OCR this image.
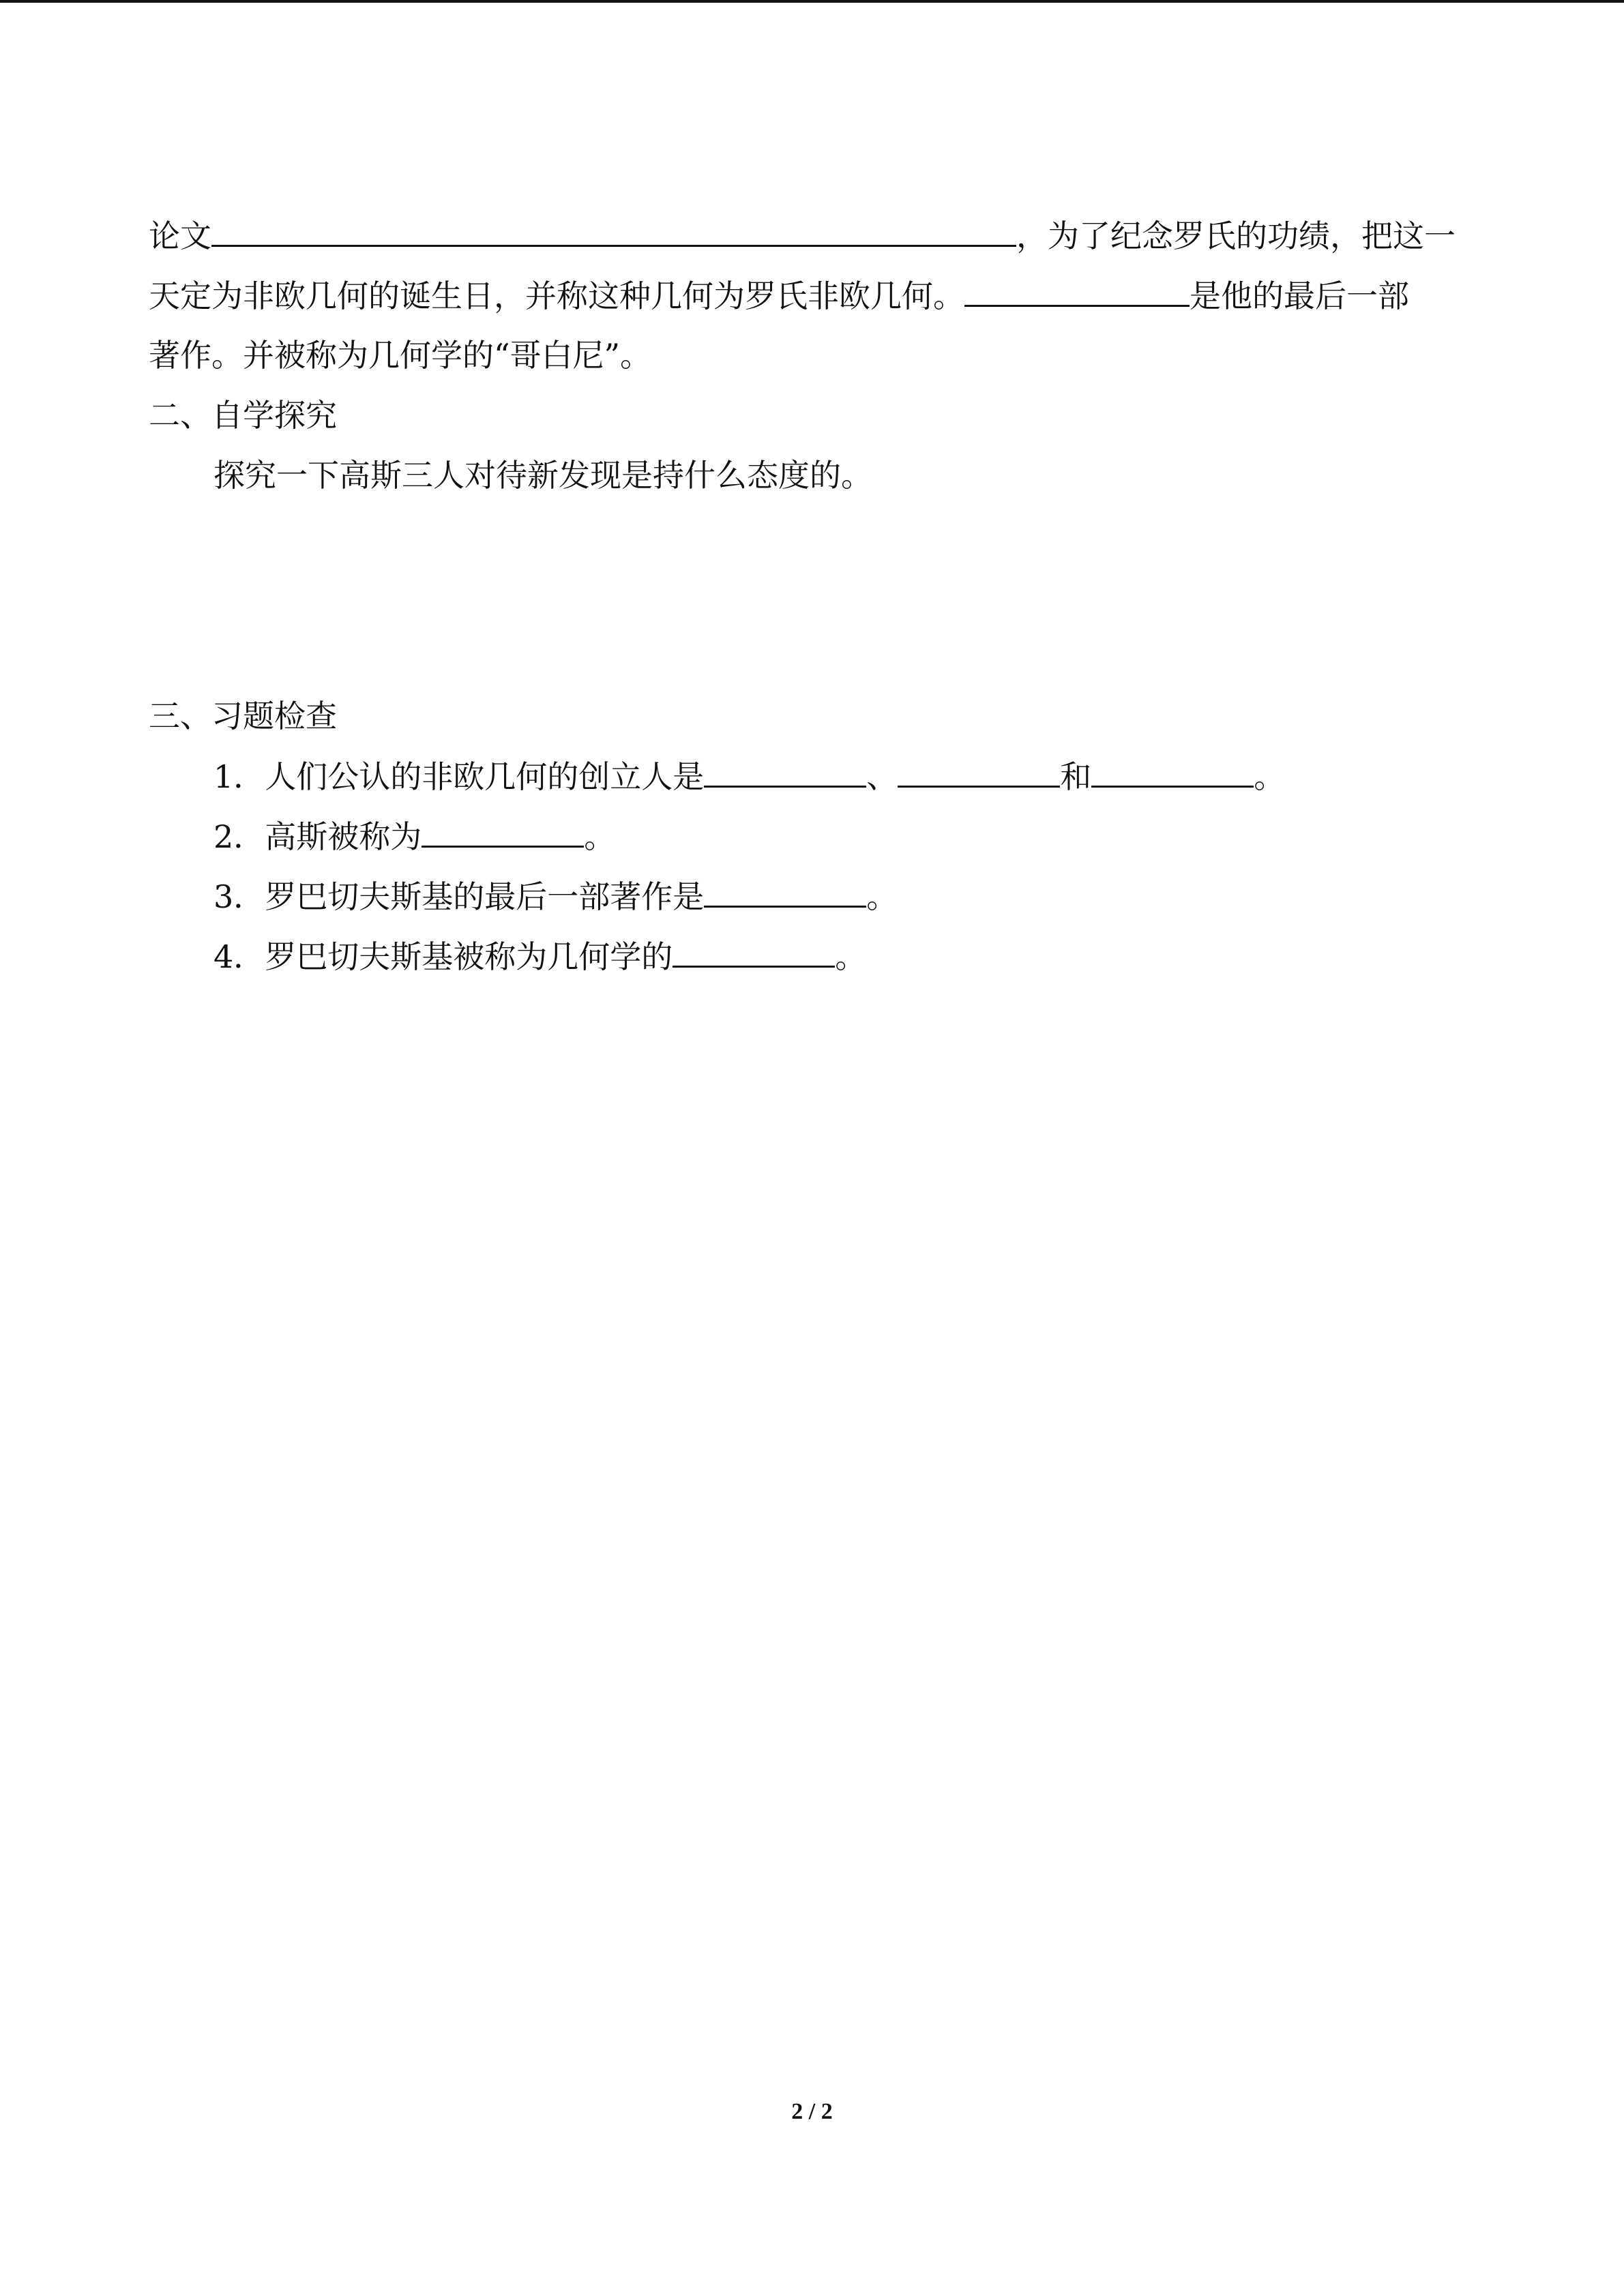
论文	，为了纪念罗氏的功绩，把这一
天定为非欧几何的诞生日，并称这种几何为罗氏非欧几何。	是他的最后一部
著作。并被称为几何学的“哥白尼”。
二、自学探究
探究一下高斯三人对待新发现是持什么态度的。
三、习题检查
1．人们公认的非欧几何的创立人是	、	和	。
2．高斯被称为	。
3．罗巴切夫斯基的最后一部著作是	。
4．罗巴切夫斯基被称为几何学的	。
2 / 2
